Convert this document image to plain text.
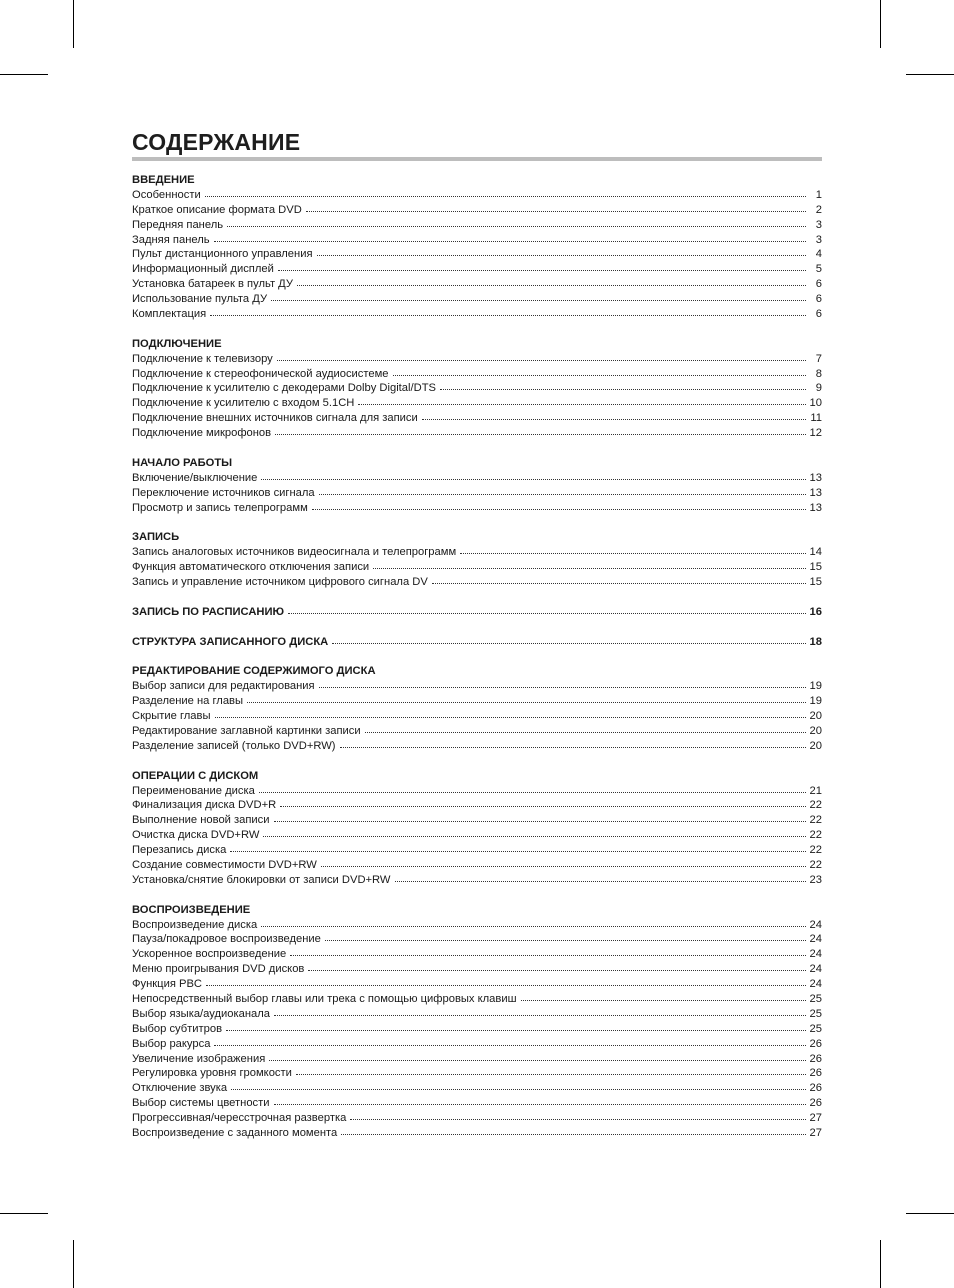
СОДЕРЖАНИЕ
ВВЕДЕНИЕ
Особенности	1
Краткое описание формата DVD	2
Передняя панель	3
Задняя панель	3
Пульт дистанционного управления	4
Информационный дисплей	5
Установка батареек в пульт ДУ	6
Использование пульта ДУ	6
Комплектация	6
ПОДКЛЮЧЕНИЕ
Подключение к телевизору	7
Подключение к стереофонической аудиосистеме	8
Подключение к усилителю с декодерами Dolby Digital/DTS	9
Подключение к усилителю с входом 5.1CH	10
Подключение внешних источников сигнала для записи	11
Подключение микрофонов	12
НАЧАЛО РАБОТЫ
Включение/выключение	13
Переключение источников сигнала	13
Просмотр и запись телепрограмм	13
ЗАПИСЬ
Запись аналоговых источников видеосигнала и телепрограмм	14
Функция автоматического отключения записи	15
Запись и управление источником цифрового сигнала DV	15
ЗАПИСЬ ПО РАСПИСАНИЮ	16
СТРУКТУРА ЗАПИСАННОГО ДИСКА	18
РЕДАКТИРОВАНИЕ СОДЕРЖИМОГО ДИСКА
Выбор записи для редактирования	19
Разделение на главы	19
Скрытие главы	20
Редактирование заглавной картинки записи	20
Разделение записей (только DVD+RW)	20
ОПЕРАЦИИ С ДИСКОМ
Переименование диска	21
Финализация диска DVD+R	22
Выполнение новой записи	22
Очистка диска DVD+RW	22
Перезапись диска	22
Создание совместимости DVD+RW	22
Установка/снятие блокировки от записи DVD+RW	23
ВОСПРОИЗВЕДЕНИЕ
Воспроизведение диска	24
Пауза/покадровое воспроизведение	24
Ускоренное воспроизведение	24
Меню проигрывания DVD дисков	24
Функция PBC	24
Непосредственный выбор главы или трека с помощью цифровых клавиш	25
Выбор языка/аудиоканала	25
Выбор субтитров	25
Выбор ракурса	26
Увеличение изображения	26
Регулировка уровня громкости	26
Отключение звука	26
Выбор системы цветности	26
Прогрессивная/чересстрочная развертка	27
Воспроизведение с заданного момента	27
